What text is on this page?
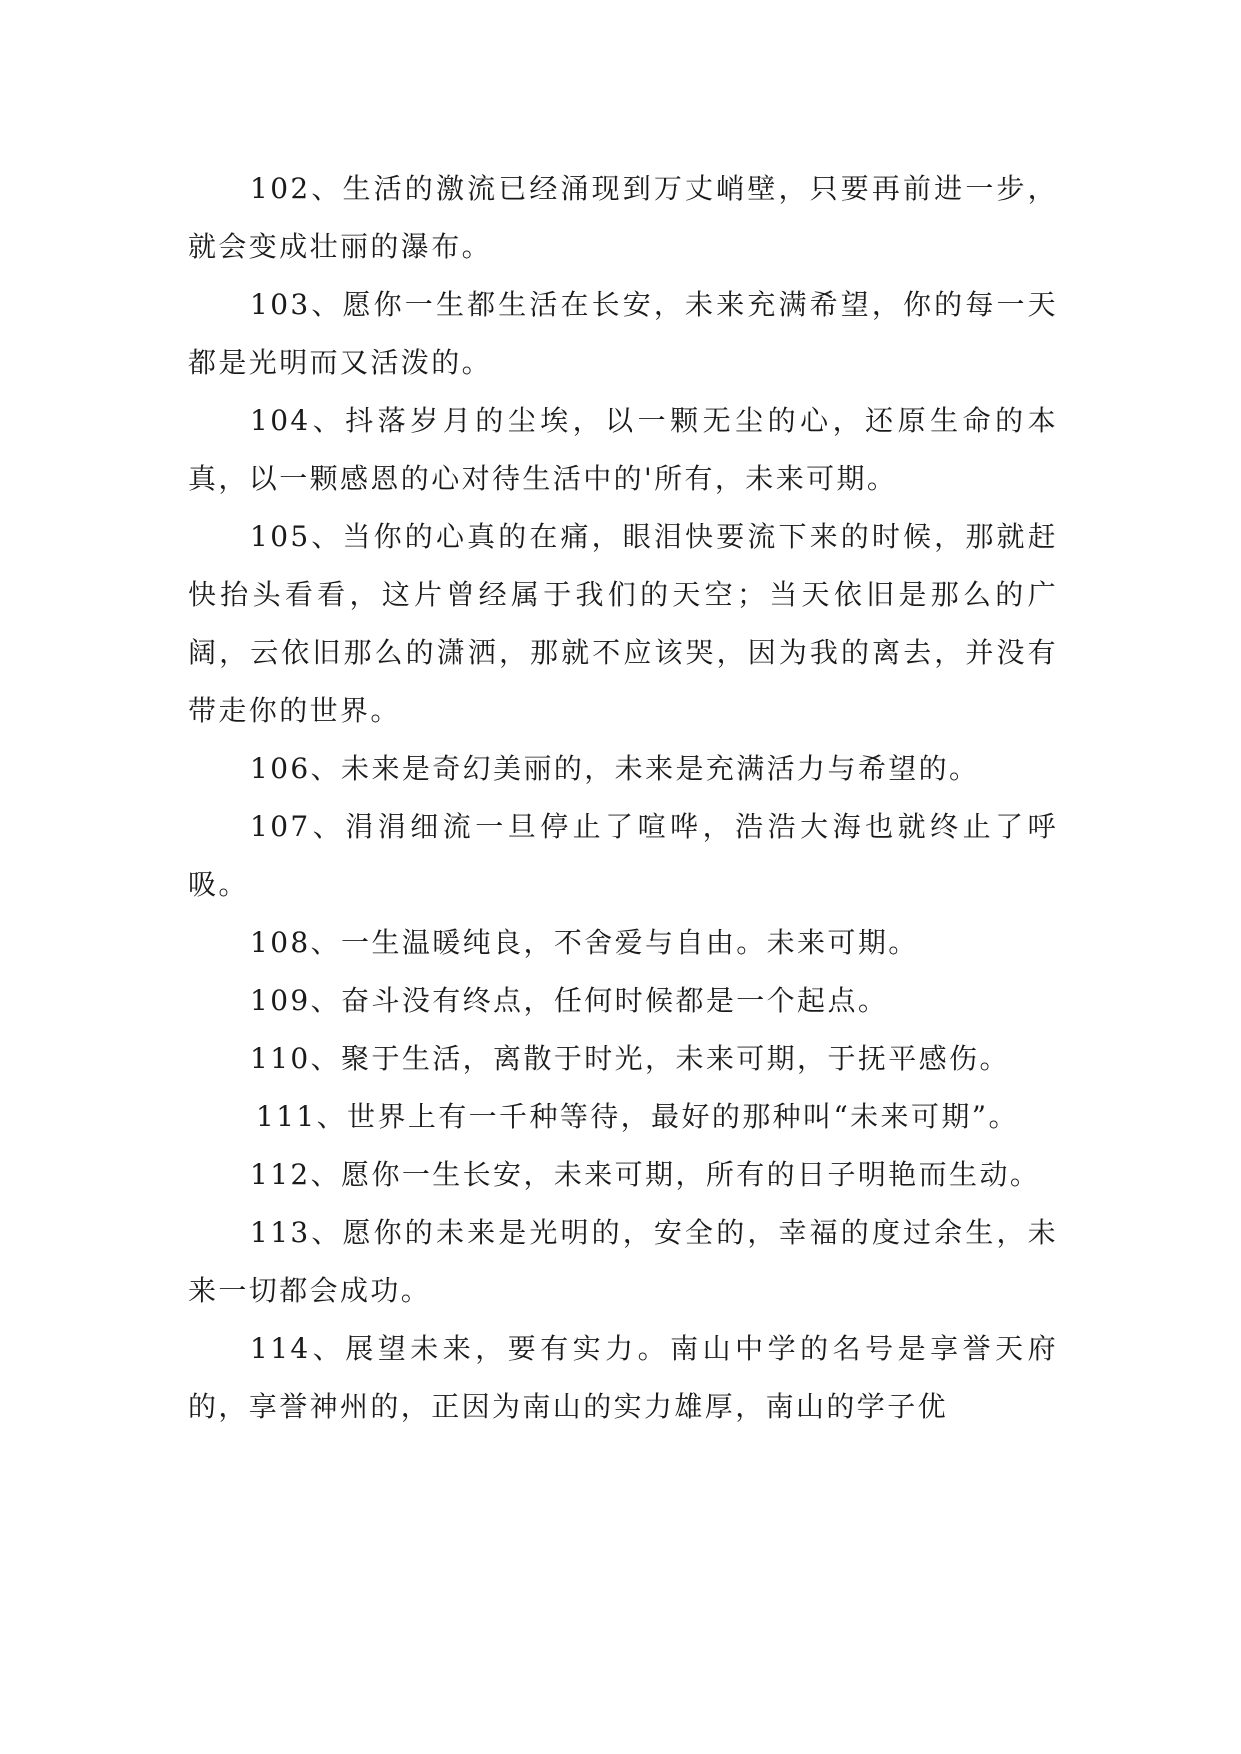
102、生活的激流已经涌现到万丈峭壁，只要再前进一步，就会变成壮丽的瀑布。

103、愿你一生都生活在长安，未来充满希望，你的每一天都是光明而又活泼的。

104、抖落岁月的尘埃，以一颗无尘的心，还原生命的本真，以一颗感恩的心对待生活中的'所有，未来可期。

105、当你的心真的在痛，眼泪快要流下来的时候，那就赶快抬头看看，这片曾经属于我们的天空；当天依旧是那么的广阔，云依旧那么的潇洒，那就不应该哭，因为我的离去，并没有带走你的世界。

106、未来是奇幻美丽的，未来是充满活力与希望的。

107、涓涓细流一旦停止了喧哗，浩浩大海也就终止了呼吸。

108、一生温暖纯良，不舍爱与自由。未来可期。

109、奋斗没有终点，任何时候都是一个起点。

110、聚于生活，离散于时光，未来可期，于抚平感伤。

111、世界上有一千种等待，最好的那种叫“未来可期”。

112、愿你一生长安，未来可期，所有的日子明艳而生动。

113、愿你的未来是光明的，安全的，幸福的度过余生，未来一切都会成功。

114、展望未来，要有实力。南山中学的名号是享誉天府的，享誉神州的，正因为南山的实力雄厚，南山的学子优
